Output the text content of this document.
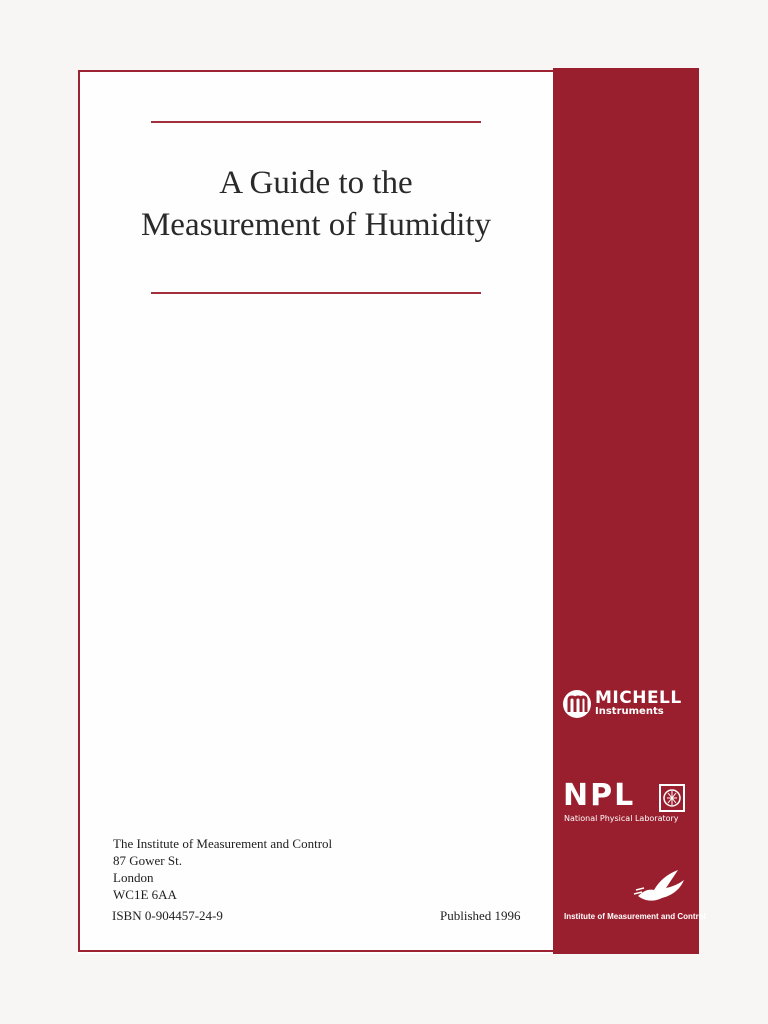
A Guide to the
Measurement of Humidity
The Institute of Measurement and Control
87 Gower St.
London
WC1E 6AA
ISBN 0-904457-24-9	Published 1996
MICHELL
Instruments
NPL
National Physical Laboratory
Institute of Measurement and Control
